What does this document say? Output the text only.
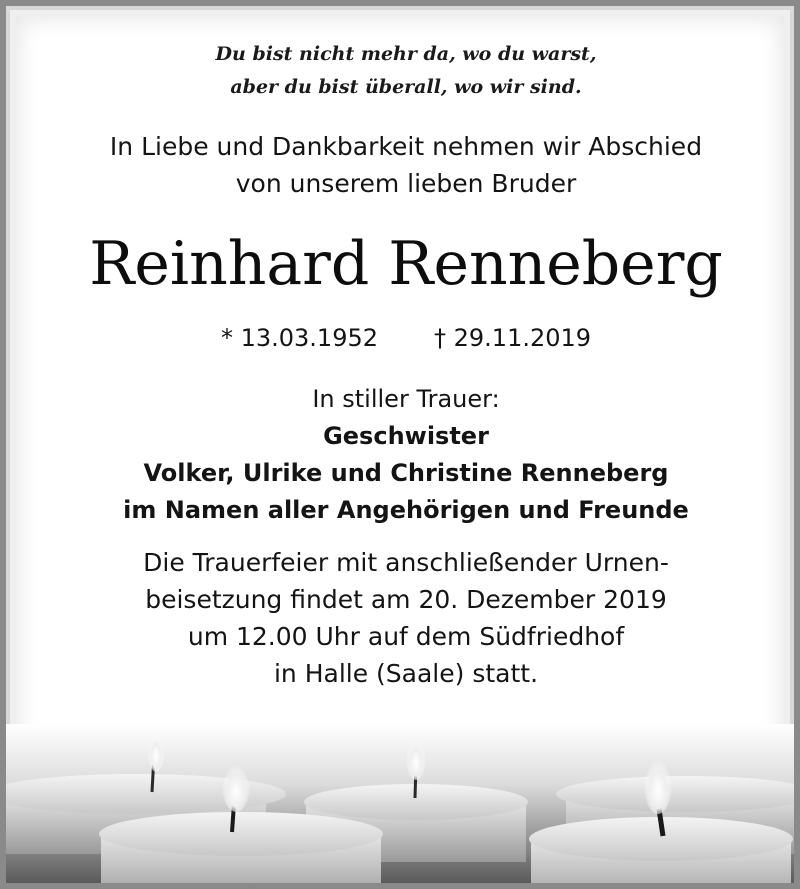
Du bist nicht mehr da, wo du warst,
aber du bist überall, wo wir sind.
In Liebe und Dankbarkeit nehmen wir Abschied
von unserem lieben Bruder
Reinhard Renneberg
* 13.03.1952 † 29.11.2019
In stiller Trauer:
Geschwister
Volker, Ulrike und Christine Renneberg
im Namen aller Angehörigen und Freunde
Die Trauerfeier mit anschließender Urnen-
beisetzung findet am 20. Dezember 2019
um 12.00 Uhr auf dem Südfriedhof
in Halle (Saale) statt.
